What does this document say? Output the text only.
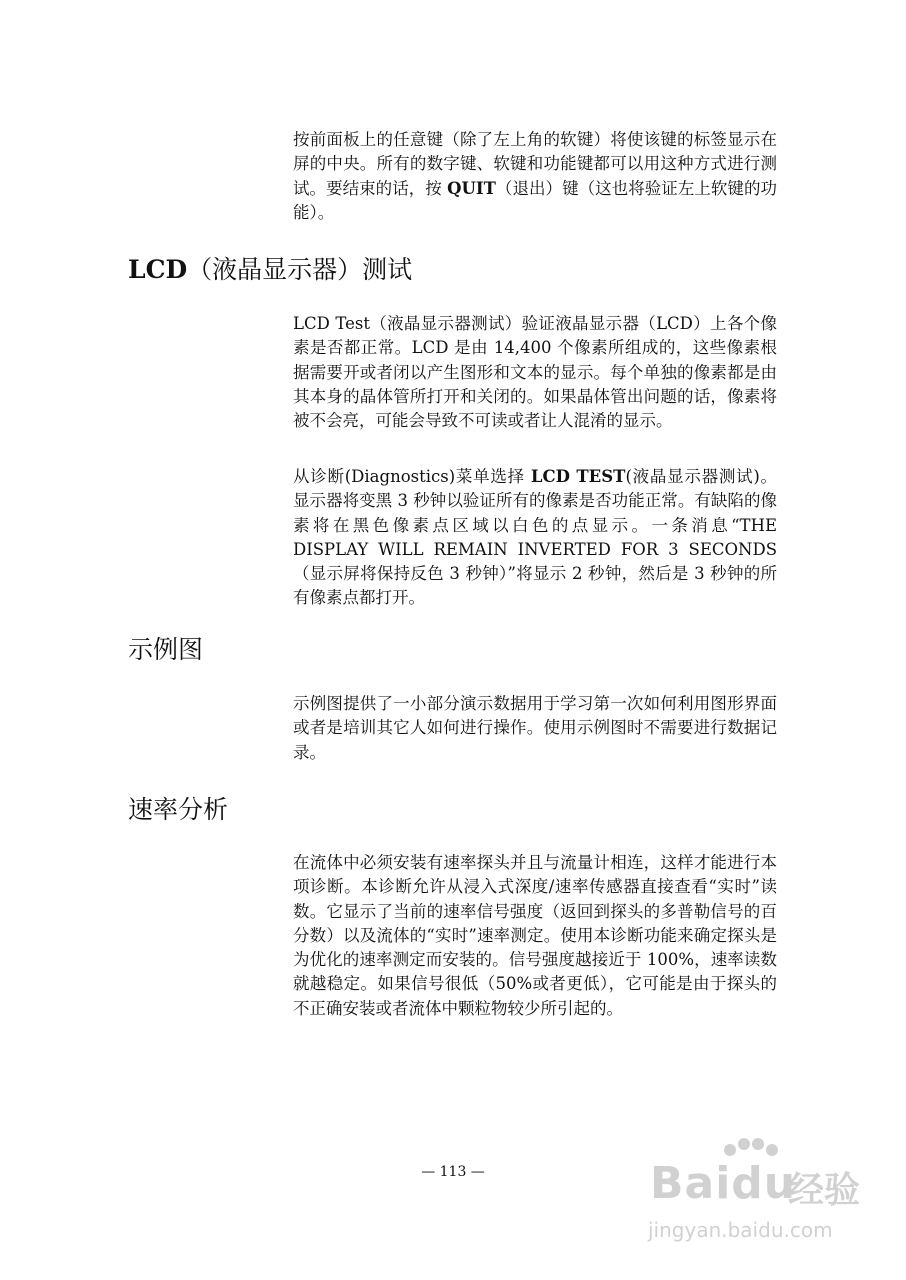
按前面板上的任意键（除了左上角的软键）将使该键的标签显示在屏的中央。所有的数字键、软键和功能键都可以用这种方式进行测试。要结束的话，按 QUIT（退出）键（这也将验证左上软键的功能）。

LCD（液晶显示器）测试

LCD Test（液晶显示器测试）验证液晶显示器（LCD）上各个像素是否都正常。LCD 是由 14,400 个像素所组成的，这些像素根据需要开或者闭以产生图形和文本的显示。每个单独的像素都是由其本身的晶体管所打开和关闭的。如果晶体管出问题的话，像素将被不会亮，可能会导致不可读或者让人混淆的显示。

从诊断(Diagnostics)菜单选择 LCD TEST(液晶显示器测试)。显示器将变黑 3 秒钟以验证所有的像素是否功能正常。有缺陷的像素将在黑色像素点区域以白色的点显示。一条消息“THE DISPLAY WILL REMAIN INVERTED FOR 3 SECONDS（显示屏将保持反色 3 秒钟）”将显示 2 秒钟，然后是 3 秒钟的所有像素点都打开。

示例图

示例图提供了一小部分演示数据用于学习第一次如何利用图形界面或者是培训其它人如何进行操作。使用示例图时不需要进行数据记录。

速率分析

在流体中必须安装有速率探头并且与流量计相连，这样才能进行本项诊断。本诊断允许从浸入式深度/速率传感器直接查看“实时”读数。它显示了当前的速率信号强度（返回到探头的多普勒信号的百分数）以及流体的“实时”速率测定。使用本诊断功能来确定探头是为优化的速率测定而安装的。信号强度越接近于 100%，速率读数就越稳定。如果信号很低（50%或者更低），它可能是由于探头的不正确安装或者流体中颗粒物较少所引起的。

— 113 —	Baidu
经验
jingyan.baidu.com
